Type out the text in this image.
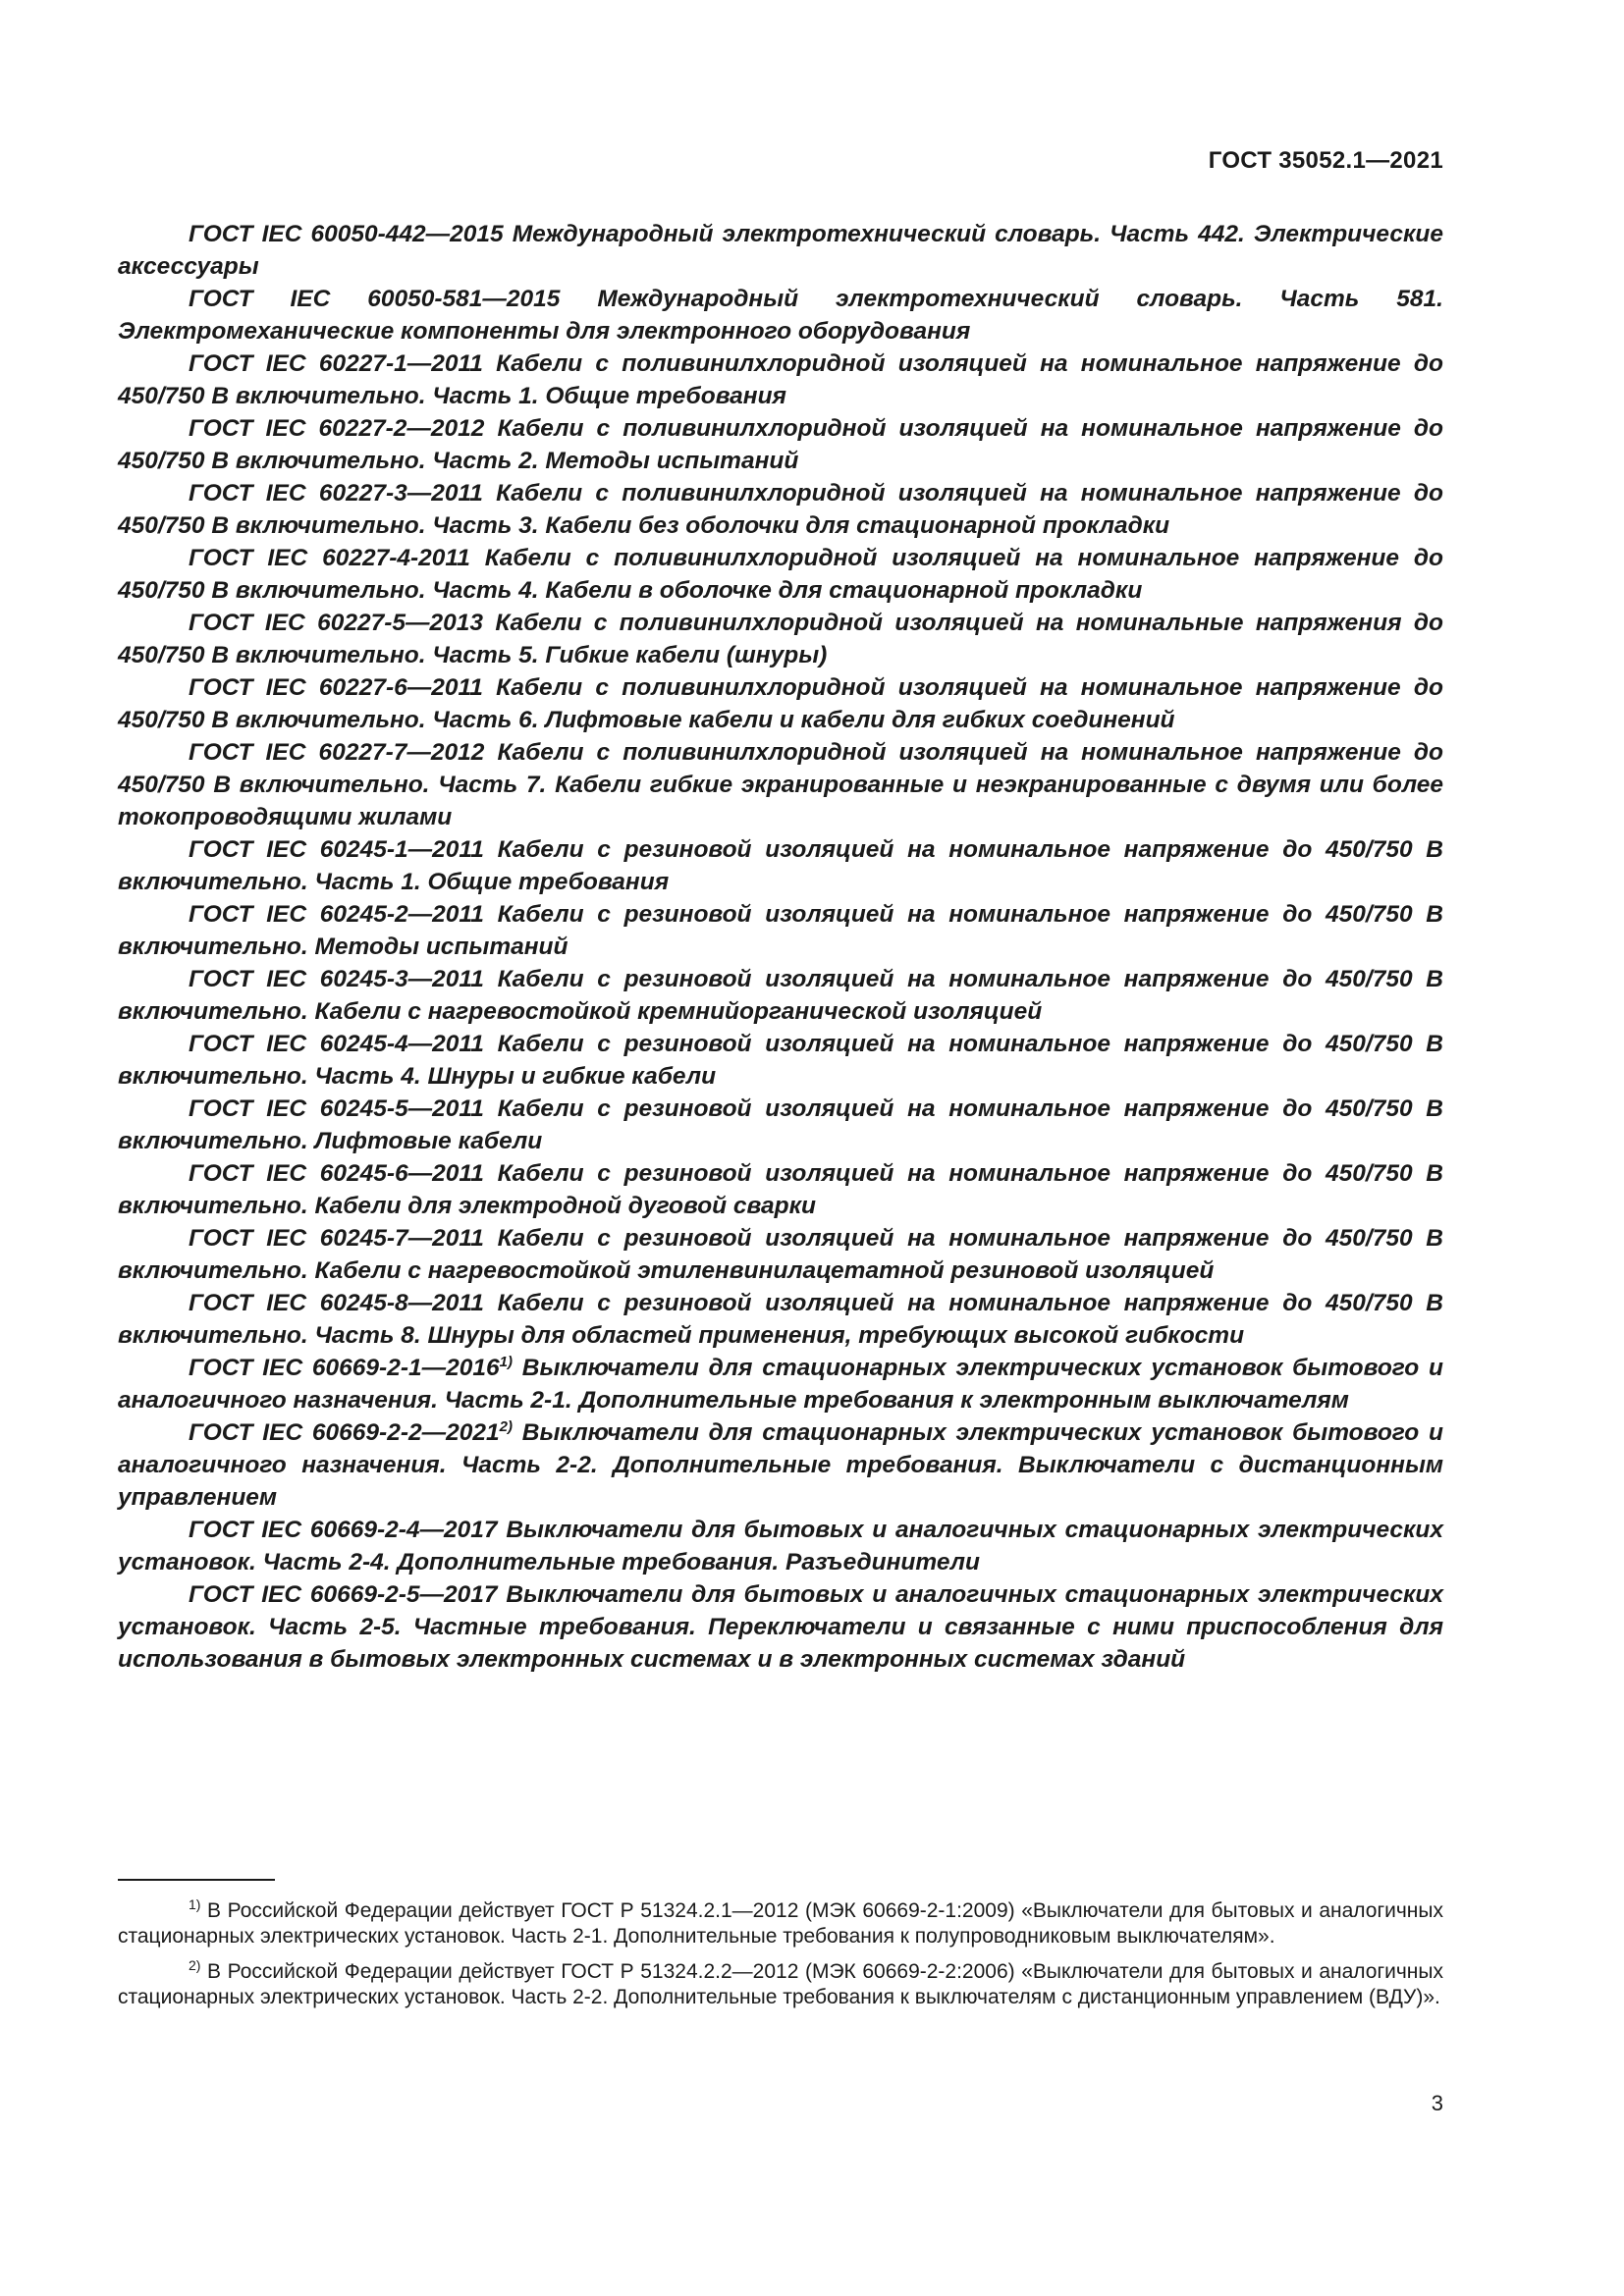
ГОСТ 35052.1—2021

ГОСТ IEC 60050-442—2015 Международный электротехнический словарь. Часть 442. Электрические аксессуары

ГОСТ IEC 60050-581—2015 Международный электротехнический словарь. Часть 581. Электромеханические компоненты для электронного оборудования

ГОСТ IEC 60227-1—2011 Кабели с поливинилхлоридной изоляцией на номинальное напряжение до 450/750 В включительно. Часть 1. Общие требования

ГОСТ IEC 60227-2—2012 Кабели с поливинилхлоридной изоляцией на номинальное напряжение до 450/750 В включительно. Часть 2. Методы испытаний

ГОСТ IEC 60227-3—2011 Кабели с поливинилхлоридной изоляцией на номинальное напряжение до 450/750 В включительно. Часть 3. Кабели без оболочки для стационарной прокладки

ГОСТ IEC 60227-4-2011 Кабели с поливинилхлоридной изоляцией на номинальное напряжение до 450/750 В включительно. Часть 4. Кабели в оболочке для стационарной прокладки

ГОСТ IEC 60227-5—2013 Кабели с поливинилхлоридной изоляцией на номинальные напряжения до 450/750 В включительно. Часть 5. Гибкие кабели (шнуры)

ГОСТ IEC 60227-6—2011 Кабели с поливинилхлоридной изоляцией на номинальное напряжение до 450/750 В включительно. Часть 6. Лифтовые кабели и кабели для гибких соединений

ГОСТ IEC 60227-7—2012 Кабели с поливинилхлоридной изоляцией на номинальное напряжение до 450/750 В включительно. Часть 7. Кабели гибкие экранированные и неэкранированные с двумя или более токопроводящими жилами

ГОСТ IEC 60245-1—2011 Кабели с резиновой изоляцией на номинальное напряжение до 450/750 В включительно. Часть 1. Общие требования

ГОСТ IEC 60245-2—2011 Кабели с резиновой изоляцией на номинальное напряжение до 450/750 В включительно. Методы испытаний

ГОСТ IEC 60245-3—2011 Кабели с резиновой изоляцией на номинальное напряжение до 450/750 В включительно. Кабели с нагревостойкой кремнийорганической изоляцией

ГОСТ IEC 60245-4—2011 Кабели с резиновой изоляцией на номинальное напряжение до 450/750 В включительно. Часть 4. Шнуры и гибкие кабели

ГОСТ IEC 60245-5—2011 Кабели с резиновой изоляцией на номинальное напряжение до 450/750 В включительно. Лифтовые кабели

ГОСТ IEC 60245-6—2011 Кабели с резиновой изоляцией на номинальное напряжение до 450/750 В включительно. Кабели для электродной дуговой сварки

ГОСТ IEC 60245-7—2011 Кабели с резиновой изоляцией на номинальное напряжение до 450/750 В включительно. Кабели с нагревостойкой этиленвинилацетатной резиновой изоляцией

ГОСТ IEC 60245-8—2011 Кабели с резиновой изоляцией на номинальное напряжение до 450/750 В включительно. Часть 8. Шнуры для областей применения, требующих высокой гибкости

ГОСТ IEC 60669-2-1—2016$^{1)}$ Выключатели для стационарных электрических установок бытового и аналогичного назначения. Часть 2-1. Дополнительные требования к электронным выключателям

ГОСТ IEC 60669-2-2—2021$^{2)}$ Выключатели для стационарных электрических установок бытового и аналогичного назначения. Часть 2-2. Дополнительные требования. Выключатели с дистанционным управлением

ГОСТ IEC 60669-2-4—2017 Выключатели для бытовых и аналогичных стационарных электрических установок. Часть 2-4. Дополнительные требования. Разъединители

ГОСТ IEC 60669-2-5—2017 Выключатели для бытовых и аналогичных стационарных электрических установок. Часть 2-5. Частные требования. Переключатели и связанные с ними приспособления для использования в бытовых электронных системах и в электронных системах зданий

$^{1)}$ В Российской Федерации действует ГОСТ Р 51324.2.1—2012 (МЭК 60669-2-1:2009) «Выключатели для бытовых и аналогичных стационарных электрических установок. Часть 2-1. Дополнительные требования к полупроводниковым выключателям».

$^{2)}$ В Российской Федерации действует ГОСТ Р 51324.2.2—2012 (МЭК 60669-2-2:2006) «Выключатели для бытовых и аналогичных стационарных электрических установок. Часть 2-2. Дополнительные требования к выключателям с дистанционным управлением (ВДУ)».

3
